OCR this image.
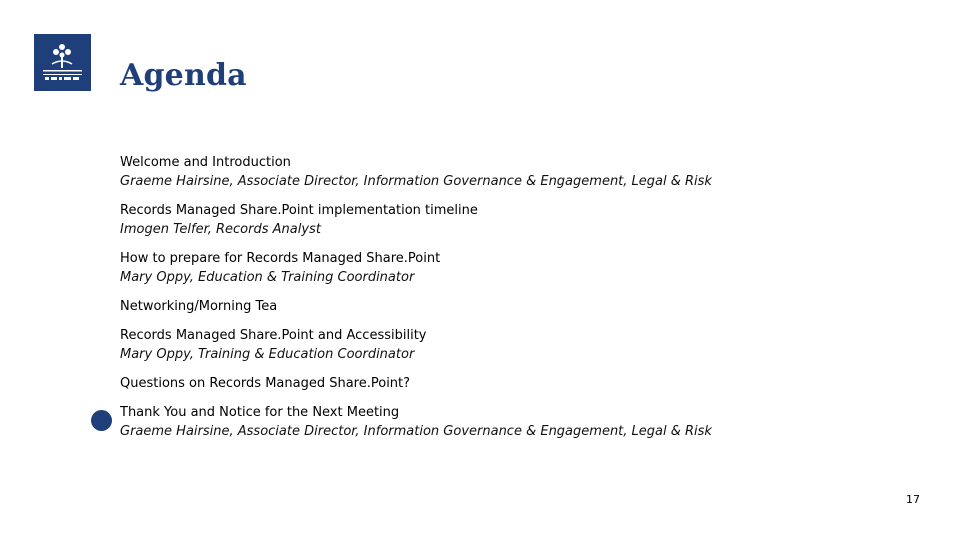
Agenda
Welcome and Introduction
Graeme Hairsine, Associate Director, Information Governance & Engagement, Legal & Risk
Records Managed Share.Point implementation timeline
Imogen Telfer, Records Analyst
How to prepare for Records Managed Share.Point
Mary Oppy, Education & Training Coordinator
Networking/Morning Tea
Records Managed Share.Point and Accessibility
Mary Oppy, Training & Education Coordinator
Questions on Records Managed Share.Point?
Thank You and Notice for the Next Meeting
Graeme Hairsine, Associate Director, Information Governance & Engagement, Legal & Risk
17
